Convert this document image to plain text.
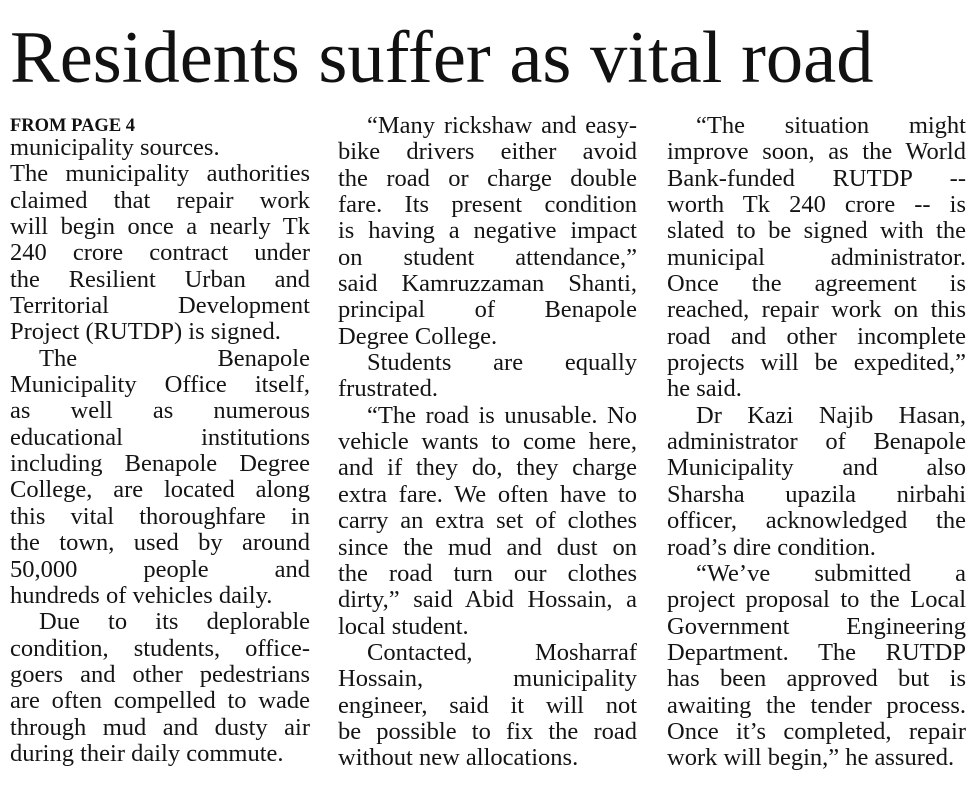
Residents suffer as vital road
FROM PAGE 4
municipality sources.
The municipality authorities
claimed that repair work
will begin once a nearly Tk
240 crore contract under
the Resilient Urban and
Territorial Development
Project (RUTDP) is signed.
The Benapole
Municipality Office itself,
as well as numerous
educational institutions
including Benapole Degree
College, are located along
this vital thoroughfare in
the town, used by around
50,000 people and
hundreds of vehicles daily.
Due to its deplorable
condition, students, office-
goers and other pedestrians
are often compelled to wade
through mud and dusty air
during their daily commute.
“Many rickshaw and easy-
bike drivers either avoid
the road or charge double
fare. Its present condition
is having a negative impact
on student attendance,”
said Kamruzzaman Shanti,
principal of Benapole
Degree College.
Students are equally
frustrated.
“The road is unusable. No
vehicle wants to come here,
and if they do, they charge
extra fare. We often have to
carry an extra set of clothes
since the mud and dust on
the road turn our clothes
dirty,” said Abid Hossain, a
local student.
Contacted, Mosharraf
Hossain, municipality
engineer, said it will not
be possible to fix the road
without new allocations.
“The situation might
improve soon, as the World
Bank-funded RUTDP --
worth Tk 240 crore -- is
slated to be signed with the
municipal administrator.
Once the agreement is
reached, repair work on this
road and other incomplete
projects will be expedited,”
he said.
Dr Kazi Najib Hasan,
administrator of Benapole
Municipality and also
Sharsha upazila nirbahi
officer, acknowledged the
road’s dire condition.
“We’ve submitted a
project proposal to the Local
Government Engineering
Department. The RUTDP
has been approved but is
awaiting the tender process.
Once it’s completed, repair
work will begin,” he assured.
